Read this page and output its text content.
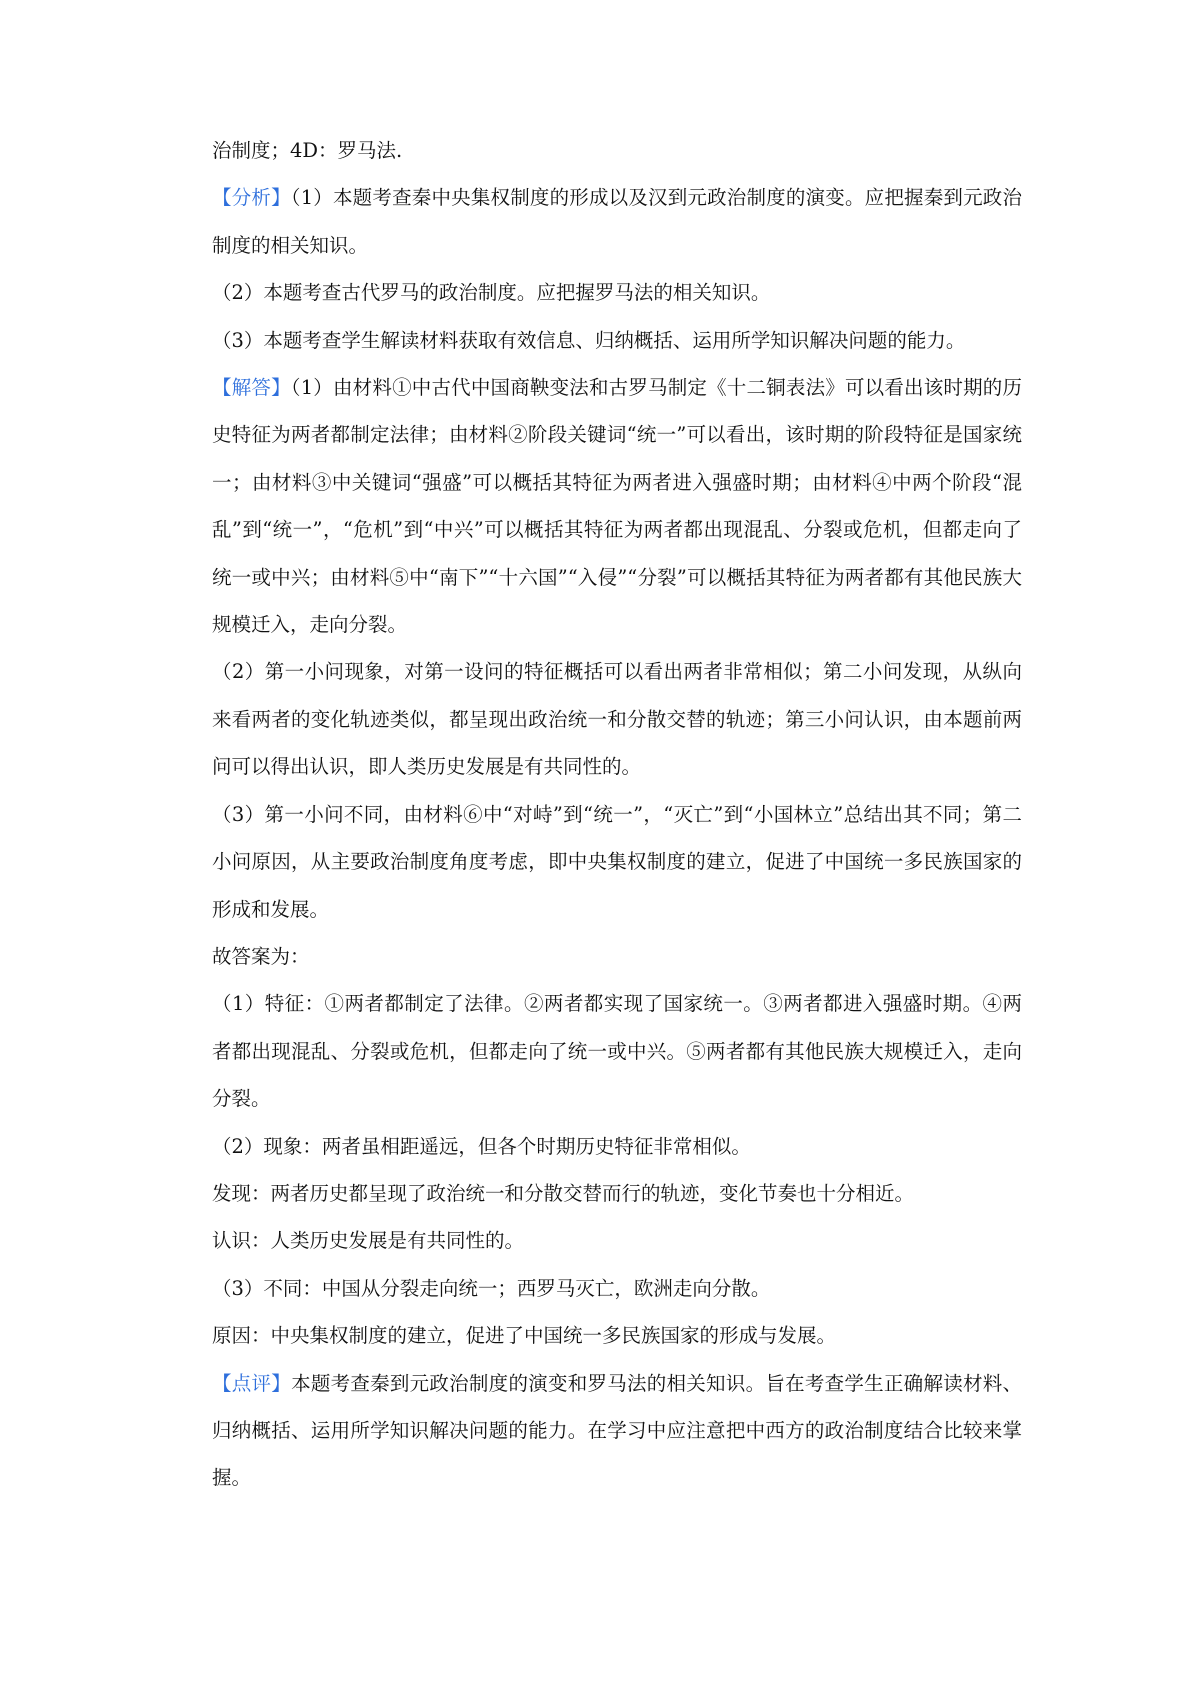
治制度；4D：罗马法.

【分析】（1）本题考查秦中央集权制度的形成以及汉到元政治制度的演变。应把握秦到元政治制度的相关知识。

（2）本题考查古代罗马的政治制度。应把握罗马法的相关知识。

（3）本题考查学生解读材料获取有效信息、归纳概括、运用所学知识解决问题的能力。

【解答】（1）由材料①中古代中国商鞅变法和古罗马制定《十二铜表法》可以看出该时期的历史特征为两者都制定法律；由材料②阶段关键词“统一”可以看出，该时期的阶段特征是国家统一；由材料③中关键词“强盛”可以概括其特征为两者进入强盛时期；由材料④中两个阶段“混乱”到“统一”，“危机”到“中兴”可以概括其特征为两者都出现混乱、分裂或危机，但都走向了统一或中兴；由材料⑤中“南下”“十六国”“入侵”“分裂”可以概括其特征为两者都有其他民族大规模迁入，走向分裂。

（2）第一小问现象，对第一设问的特征概括可以看出两者非常相似；第二小问发现，从纵向来看两者的变化轨迹类似，都呈现出政治统一和分散交替的轨迹；第三小问认识，由本题前两问可以得出认识，即人类历史发展是有共同性的。

（3）第一小问不同，由材料⑥中“对峙”到“统一”，“灭亡”到“小国林立”总结出其不同；第二小问原因，从主要政治制度角度考虑，即中央集权制度的建立，促进了中国统一多民族国家的形成和发展。

故答案为：

（1）特征：①两者都制定了法律。②两者都实现了国家统一。③两者都进入强盛时期。④两者都出现混乱、分裂或危机，但都走向了统一或中兴。⑤两者都有其他民族大规模迁入，走向分裂。

（2）现象：两者虽相距遥远，但各个时期历史特征非常相似。

发现：两者历史都呈现了政治统一和分散交替而行的轨迹，变化节奏也十分相近。

认识：人类历史发展是有共同性的。

（3）不同：中国从分裂走向统一；西罗马灭亡，欧洲走向分散。

原因：中央集权制度的建立，促进了中国统一多民族国家的形成与发展。

【点评】本题考查秦到元政治制度的演变和罗马法的相关知识。旨在考查学生正确解读材料、归纳概括、运用所学知识解决问题的能力。在学习中应注意把中西方的政治制度结合比较来掌握。
